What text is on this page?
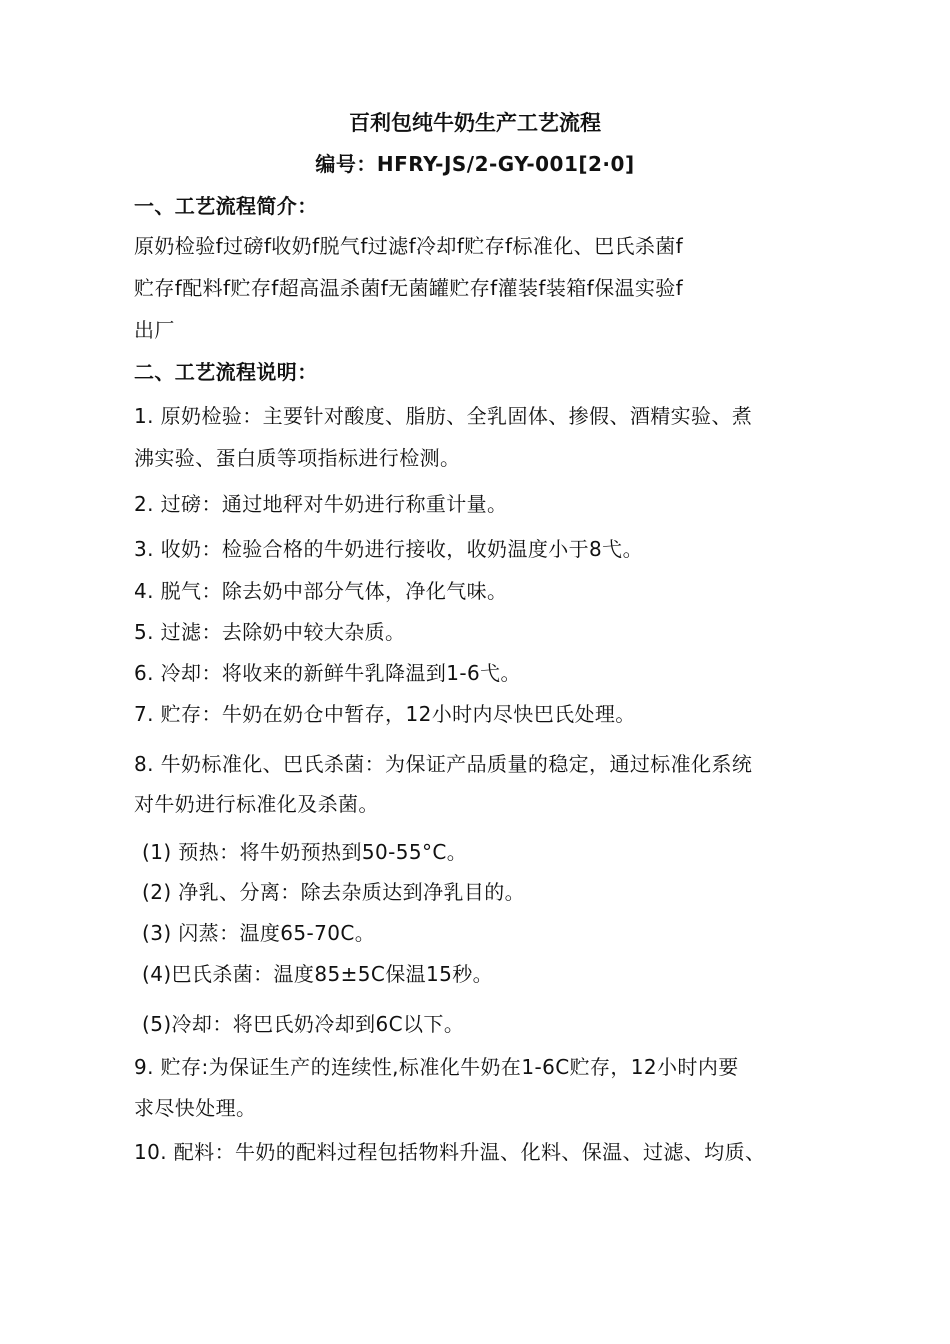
百利包纯牛奶生产工艺流程
编号：HFRY-JS/2-GY-001[2·0]
一、工艺流程简介：
原奶检验f过磅f收奶f脱气f过滤f冷却f贮存f标准化、巴氏杀菌f
贮存f配料f贮存f超高温杀菌f无菌罐贮存f灌装f装箱f保温实验f
出厂
二、工艺流程说明：
1. 原奶检验：主要针对酸度、脂肪、全乳固体、掺假、酒精实验、煮
沸实验、蛋白质等项指标进行检测。
2. 过磅：通过地秤对牛奶进行称重计量。
3. 收奶：检验合格的牛奶进行接收，收奶温度小于8弋。
4. 脱气：除去奶中部分气体，净化气味。
5. 过滤：去除奶中较大杂质。
6. 冷却：将收来的新鲜牛乳降温到1-6弋。
7. 贮存：牛奶在奶仓中暂存，12小时内尽快巴氏处理。
8. 牛奶标准化、巴氏杀菌：为保证产品质量的稳定，通过标准化系统
对牛奶进行标准化及杀菌。
(1) 预热：将牛奶预热到50-55°C。
(2) 净乳、分离：除去杂质达到净乳目的。
(3) 闪蒸：温度65-70C。
(4)巴氏杀菌：温度85±5C保温15秒。
(5)冷却：将巴氏奶冷却到6C以下。
9. 贮存:为保证生产的连续性,标准化牛奶在1-6C贮存，12小时内要
求尽快处理。
10. 配料：牛奶的配料过程包括物料升温、化料、保温、过滤、均质、
